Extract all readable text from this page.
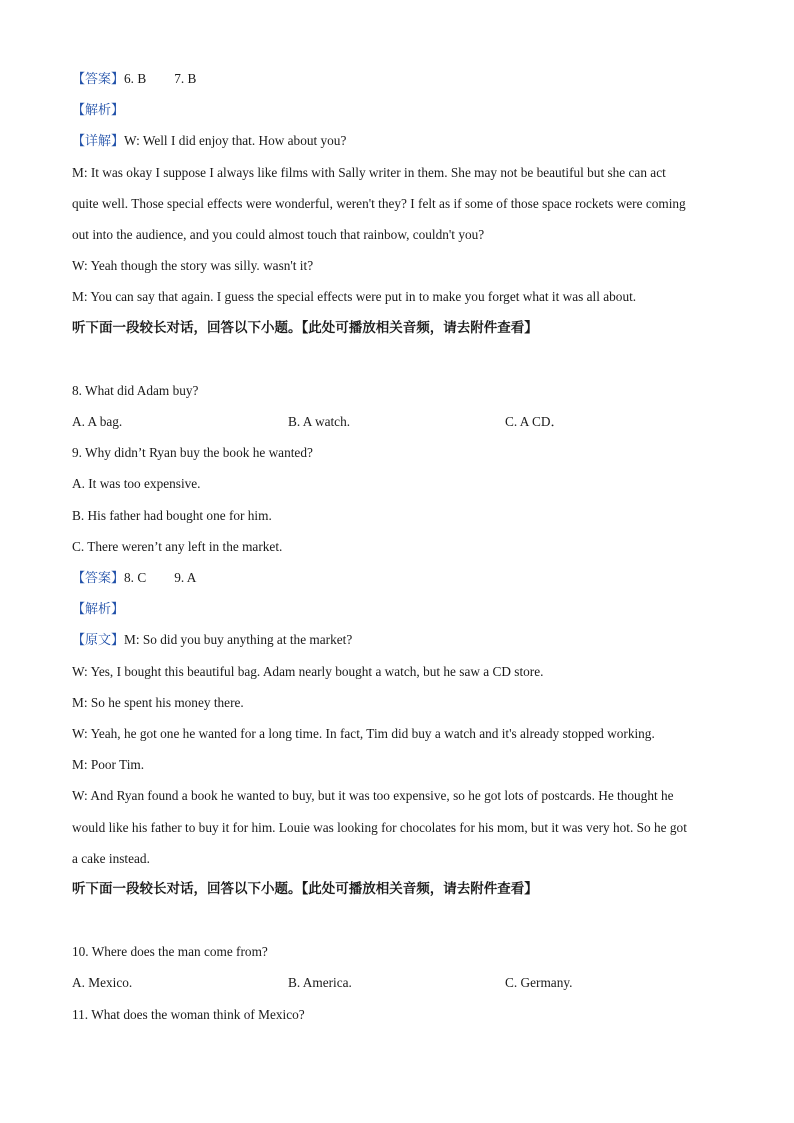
【答案】6. B 7. B
【解析】
【详解】W: Well I did enjoy that. How about you?
M: It was okay I suppose I always like films with Sally writer in them. She may not be beautiful but she can act
quite well. Those special effects were wonderful, weren't they? I felt as if some of those space rockets were coming
out into the audience, and you could almost touch that rainbow, couldn't you?
W: Yeah though the story was silly. wasn't it?
M: You can say that again. I guess the special effects were put in to make you forget what it was all about.
听下面一段较长对话，回答以下小题。【此处可播放相关音频，请去附件查看】
8. What did Adam buy?
A. A bag.	B. A watch.	C. A CD．
9. Why didn’t Ryan buy the book he wanted?
A. It was too expensive.
B. His father had bought one for him.
C. There weren’t any left in the market.
【答案】8. C 9. A
【解析】
【原文】M: So did you buy anything at the market?
W: Yes, I bought this beautiful bag. Adam nearly bought a watch, but he saw a CD store.
M: So he spent his money there.
W: Yeah, he got one he wanted for a long time. In fact, Tim did buy a watch and it's already stopped working.
M: Poor Tim.
W: And Ryan found a book he wanted to buy, but it was too expensive, so he got lots of postcards. He thought he
would like his father to buy it for him. Louie was looking for chocolates for his mom, but it was very hot. So he got
a cake instead.
听下面一段较长对话，回答以下小题。【此处可播放相关音频，请去附件查看】
10. Where does the man come from?
A. Mexico.	B. America.	C. Germany.
11. What does the woman think of Mexico?
